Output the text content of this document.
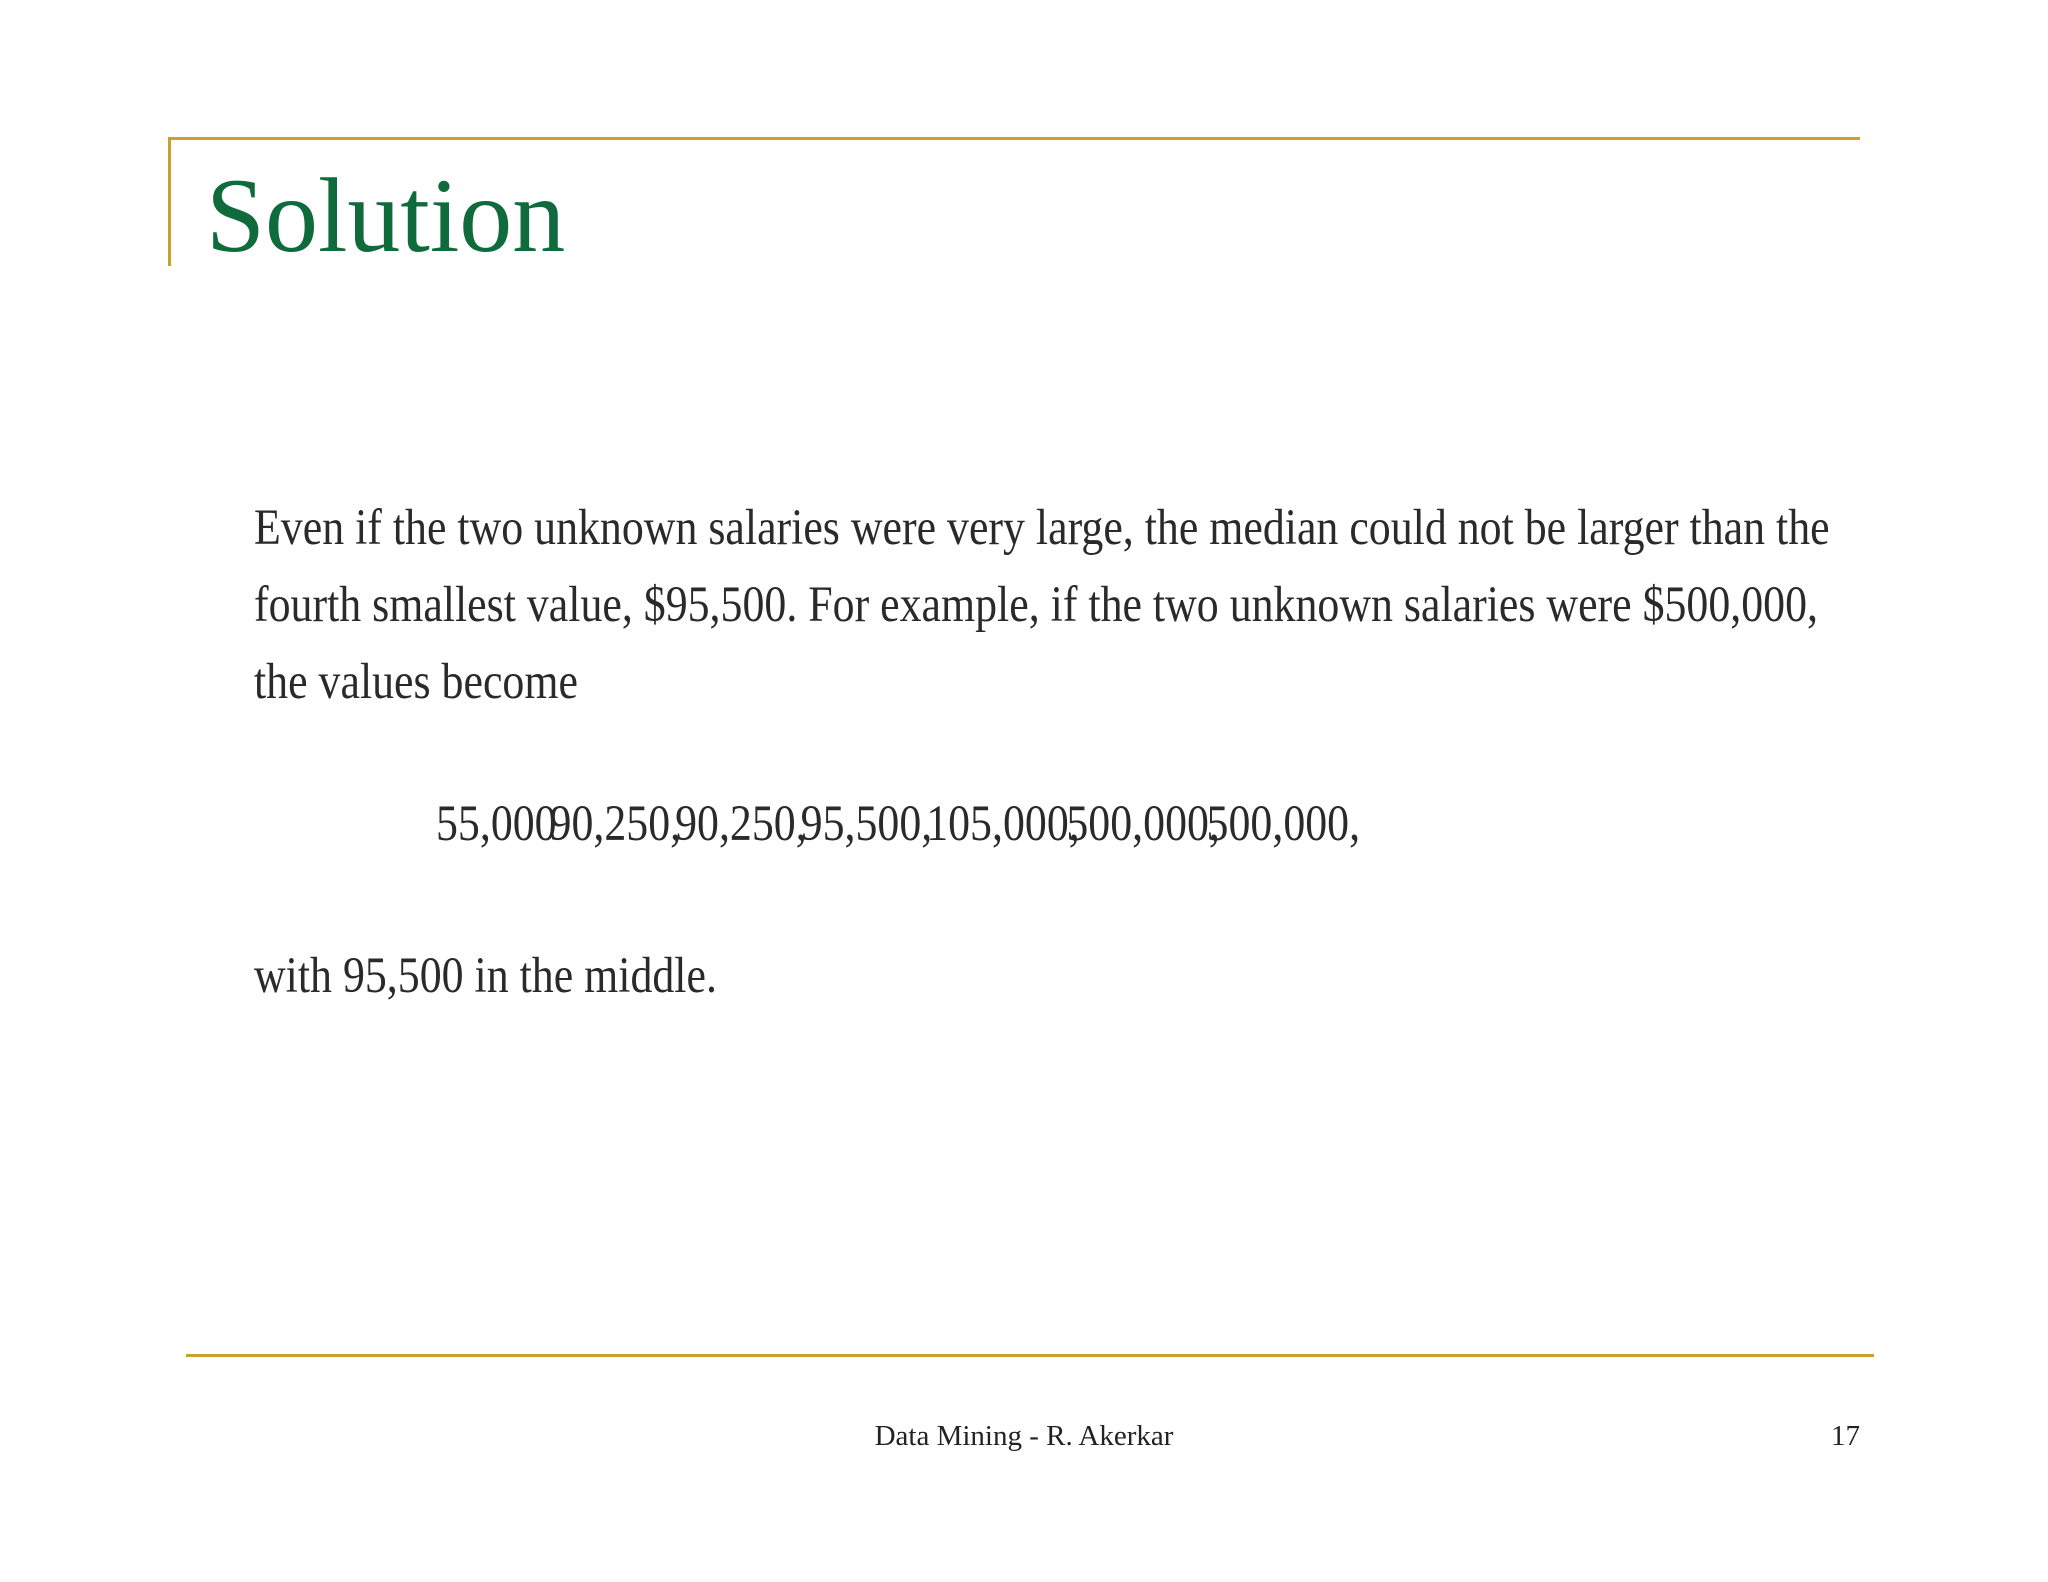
Solution
Even if the two unknown salaries were very large, the median could not be larger than the
fourth smallest value, $95,500. For example, if the two unknown salaries were $500,000,
the values become
55,000
90,250,
90,250,
95,500,
105,000,
500,000,
500,000,

with 95,500 in the middle.

Data Mining - R. Akerkar	17
